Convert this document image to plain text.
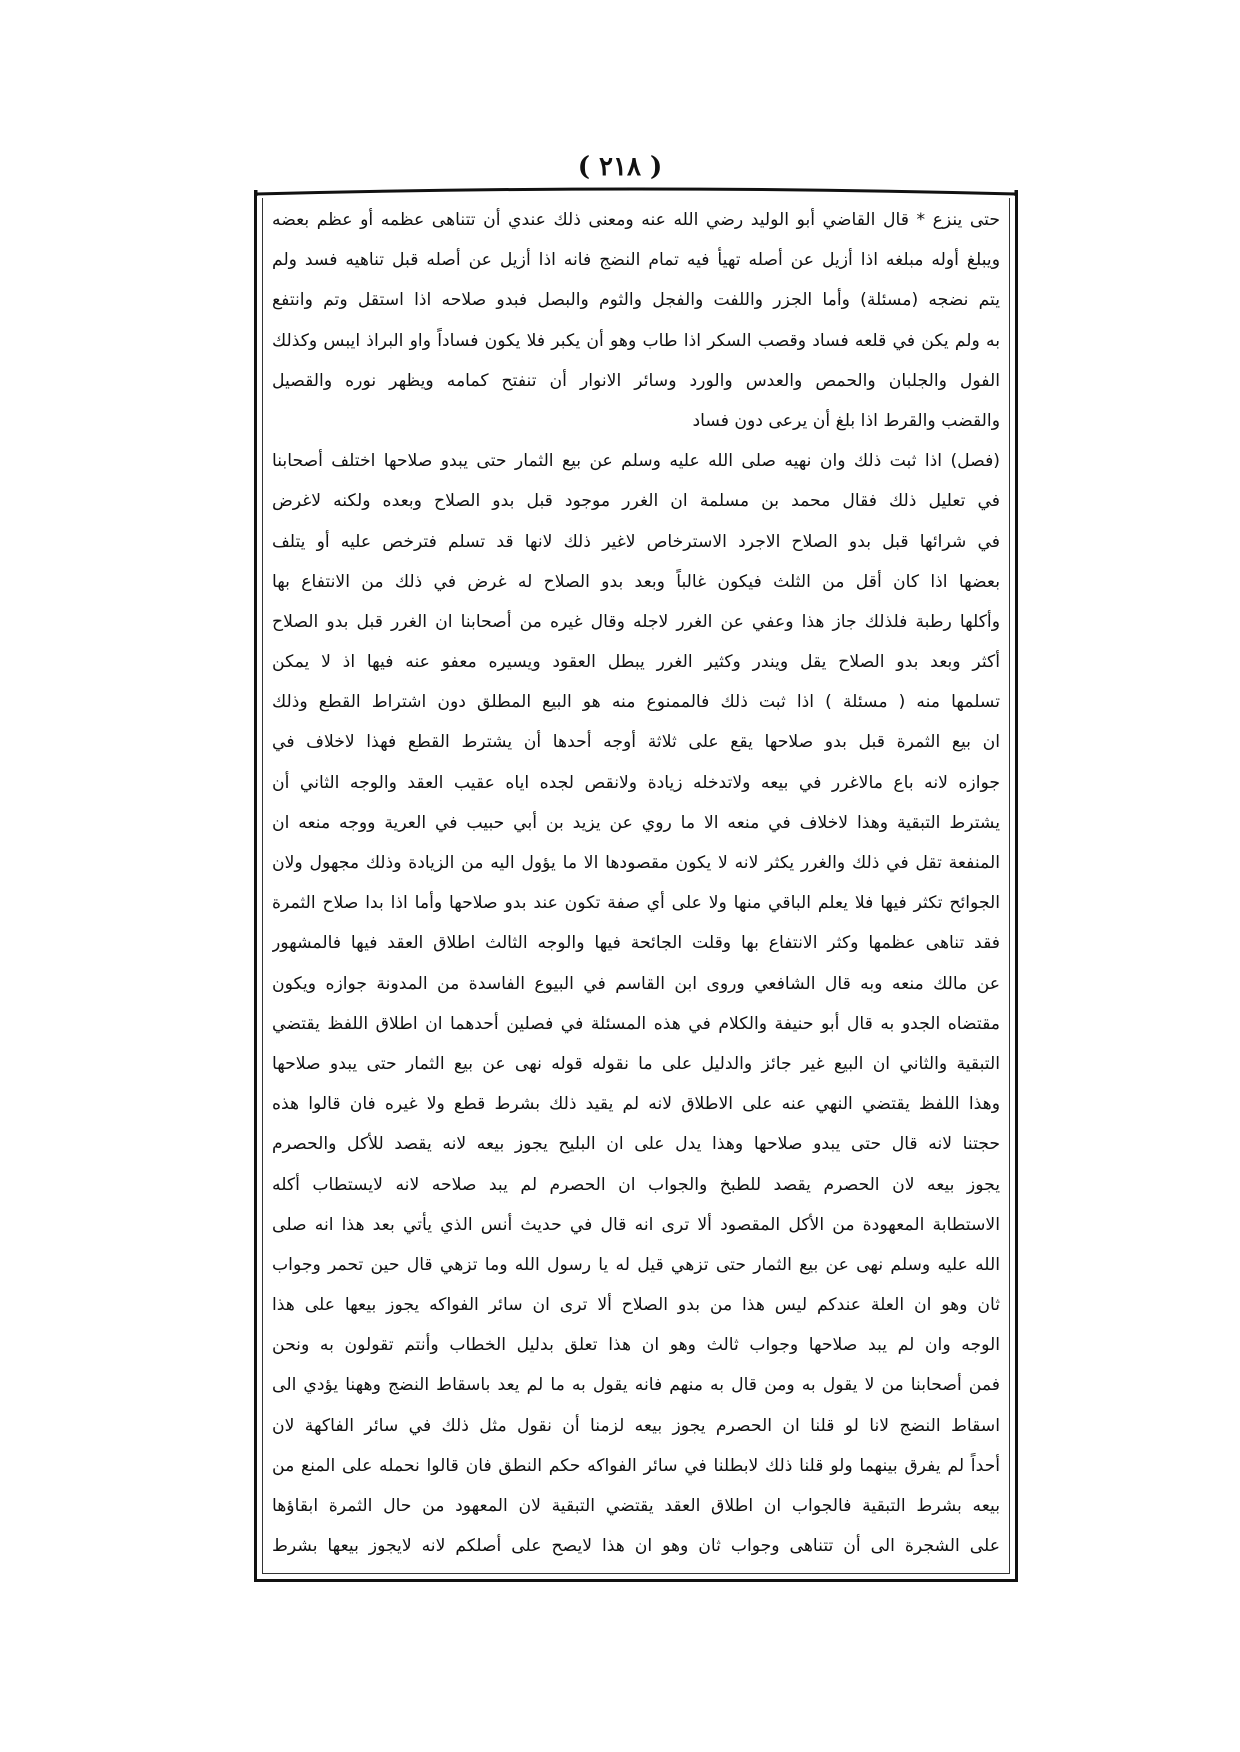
( ٢١٨ )
حتى ينزع * قال القاضي أبو الوليد رضي الله عنه ومعنى ذلك عندي أن تتناهى عظمه أو عظم بعضه
ويبلغ أوله مبلغه اذا أزيل عن أصله تهيأ فيه تمام النضج فانه اذا أزيل عن أصله قبل تناهيه فسد ولم
يتم نضجه (مسئلة) وأما الجزر واللفت والفجل والثوم والبصل فبدو صلاحه اذا استقل وتم وانتفع
به ولم يكن في قلعه فساد وقصب السكر اذا طاب وهو أن يكبر فلا يكون فساداً واو البراذ ايبس وكذلك
الفول والجلبان والحمص والعدس والورد وسائر الانوار أن تنفتح كمامه ويظهر نوره والقصيل
والقضب والقرط اذا بلغ أن يرعى دون فساد
(فصل) اذا ثبت ذلك وان نهيه صلى الله عليه وسلم عن بيع الثمار حتى يبدو صلاحها اختلف أصحابنا
في تعليل ذلك فقال محمد بن مسلمة ان الغرر موجود قبل بدو الصلاح وبعده ولكنه لاغرض
في شرائها قبل بدو الصلاح الاجرد الاسترخاص لاغير ذلك لانها قد تسلم فترخص عليه أو يتلف
بعضها اذا كان أقل من الثلث فيكون غالباً وبعد بدو الصلاح له غرض في ذلك من الانتفاع بها
وأكلها رطبة فلذلك جاز هذا وعفي عن الغرر لاجله وقال غيره من أصحابنا ان الغرر قبل بدو الصلاح
أكثر وبعد بدو الصلاح يقل ويندر وكثير الغرر يبطل العقود ويسيره معفو عنه فيها اذ لا يمكن
تسلمها منه ( مسئلة ) اذا ثبت ذلك فالممنوع منه هو البيع المطلق دون اشتراط القطع وذلك
ان بيع الثمرة قبل بدو صلاحها يقع على ثلاثة أوجه أحدها أن يشترط القطع فهذا لاخلاف في
جوازه لانه باع مالاغرر في بيعه ولاتدخله زيادة ولانقص لجده اياه عقيب العقد والوجه الثاني أن
يشترط التبقية وهذا لاخلاف في منعه الا ما روي عن يزيد بن أبي حبيب في العرية ووجه منعه ان
المنفعة تقل في ذلك والغرر يكثر لانه لا يكون مقصودها الا ما يؤول اليه من الزيادة وذلك مجهول ولان
الجوائح تكثر فيها فلا يعلم الباقي منها ولا على أي صفة تكون عند بدو صلاحها وأما اذا بدا صلاح الثمرة
فقد تناهى عظمها وكثر الانتفاع بها وقلت الجائحة فيها والوجه الثالث اطلاق العقد فيها فالمشهور
عن مالك منعه وبه قال الشافعي وروى ابن القاسم في البيوع الفاسدة من المدونة جوازه ويكون
مقتضاه الجدو به قال أبو حنيفة والكلام في هذه المسئلة في فصلين أحدهما ان اطلاق اللفظ يقتضي
التبقية والثاني ان البيع غير جائز والدليل على ما نقوله قوله نهى عن بيع الثمار حتى يبدو صلاحها
وهذا اللفظ يقتضي النهي عنه على الاطلاق لانه لم يقيد ذلك بشرط قطع ولا غيره فان قالوا هذه
حجتنا لانه قال حتى يبدو صلاحها وهذا يدل على ان البليح يجوز بيعه لانه يقصد للأكل والحصرم
يجوز بيعه لان الحصرم يقصد للطبخ والجواب ان الحصرم لم يبد صلاحه لانه لايستطاب أكله
الاستطابة المعهودة من الأكل المقصود ألا ترى انه قال في حديث أنس الذي يأتي بعد هذا انه صلى
الله عليه وسلم نهى عن بيع الثمار حتى تزهي قيل له يا رسول الله وما تزهي قال حين تحمر وجواب
ثان وهو ان العلة عندكم ليس هذا من بدو الصلاح ألا ترى ان سائر الفواكه يجوز بيعها على هذا
الوجه وان لم يبد صلاحها وجواب ثالث وهو ان هذا تعلق بدليل الخطاب وأنتم تقولون به ونحن
فمن أصحابنا من لا يقول به ومن قال به منهم فانه يقول به ما لم يعد باسقاط النضج وههنا يؤدي الى
اسقاط النضج لانا لو قلنا ان الحصرم يجوز بيعه لزمنا أن نقول مثل ذلك في سائر الفاكهة لان
أحداً لم يفرق بينهما ولو قلنا ذلك لابطلنا في سائر الفواكه حكم النطق فان قالوا نحمله على المنع من
بيعه بشرط التبقية فالجواب ان اطلاق العقد يقتضي التبقية لان المعهود من حال الثمرة ابقاؤها
على الشجرة الى أن تتناهى وجواب ثان وهو ان هذا لايصح على أصلكم لانه لايجوز بيعها بشرط
